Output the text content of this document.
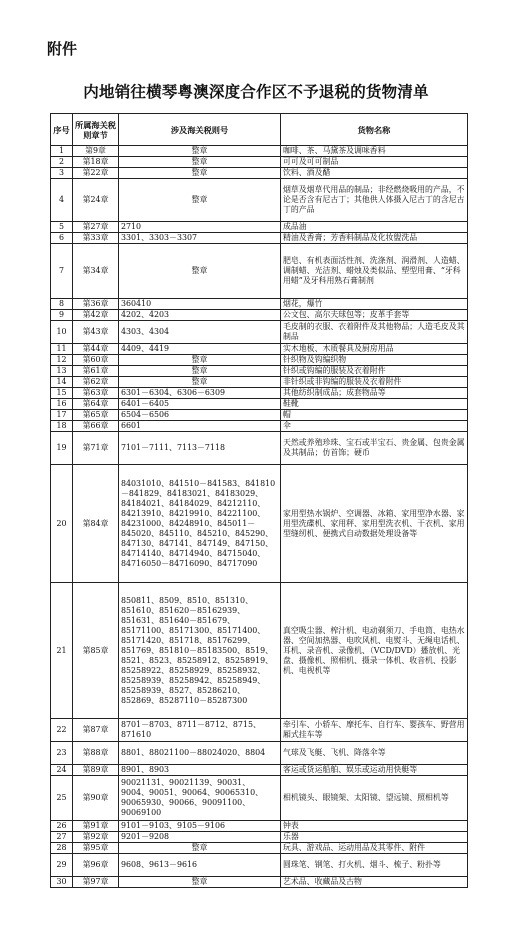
附件
内地销往横琴粤澳深度合作区不予退税的货物清单
序号	所属海关税则章节	涉及海关税则号	货物名称
1	第9章	整章	咖啡、茶、马黛茶及调味香料
2	第18章	整章	可可及可可制品
3	第22章	整章	饮料、酒及醋
4	第24章	整章	烟草及烟草代用品的制品；非经燃烧吸用的产品，不论是否含有尼古丁；其他供人体摄入尼古丁的含尼古丁的产品
5	第27章	2710	成品油
6	第33章	3301、3303－3307	精油及香膏；芳香料制品及化妆盥洗品
7	第34章	整章	肥皂、有机表面活性剂、洗涤剂、润滑剂、人造蜡、调制蜡、光洁剂、蜡烛及类似品、塑型用膏、“牙科用蜡”及牙科用熟石膏制剂
8	第36章	360410	烟花，爆竹
9	第42章	4202、4203	公文包、高尔夫球包等；皮革手套等
10	第43章	4303、4304	毛皮制的衣服、衣着附件及其他物品；人造毛皮及其制品
11	第44章	4409、4419	实木地板、木质餐具及厨房用品
12	第60章	整章	针织物及钩编织物
13	第61章	整章	针织或钩编的服装及衣着附件
14	第62章	整章	非针织或非钩编的服装及衣着附件
15	第63章	6301－6304、6306－6309	其他纺织制成品；成套物品等
16	第64章	6401－6405	鞋靴
17	第65章	6504－6506	帽
18	第66章	6601	伞
19	第71章	7101－7111、7113－7118	天然或养殖珍珠、宝石或半宝石、贵金属、包贵金属及其制品；仿首饰；硬币
20	第84章	84031010、841510－841583、841810－841829、84183021、84183029、84184021、84184029、84212110、84213910、84219910、84221100、84231000、84248910、845011－845020、845110、845210、845290、847130、847141、847149、847150、84714140、84714940、84715040、84716050－84716090、84717090	家用型热水锅炉、空调器、冰箱、家用型净水器、家用型洗碟机、家用秤、家用型洗衣机、干衣机、家用型缝纫机、便携式自动数据处理设备等
21	第85章	850811、8509、8510、851310、851610、851620－85162939、851631、851640－851679、85171100、85171300、85171400、85171420、851718、85176299、851769、851810－85183500、8519、8521、8523、85258912、85258919、85258922、85258929、85258932、85258939、85258942、85258949、85258939、8527、85286210、852869、85287110－85287300	真空吸尘器、榨汁机、电动剃须刀、手电筒、电热水器、空间加热器、电吹风机、电熨斗、无绳电话机、耳机、录音机、录像机、（VCD/DVD）播放机、光盘、摄像机、照相机、摄录一体机、收音机、投影机、电视机等
22	第87章	8701－8703、8711－8712、8715、871610	牵引车、小轿车、摩托车、自行车、婴孩车、野营用厢式挂车等
23	第88章	8801、88021100－88024020、8804	气球及飞艇、飞机、降落伞等
24	第89章	8901、8903	客运或货运船舶、娱乐或运动用快艇等
25	第90章	90021131、90021139、90031、9004、90051、90064、90065310、90065930、90066、90091100、90069100	相机镜头、眼镜架、太阳镜、望远镜、照相机等
26	第91章	9101－9103、9105－9106	钟表
27	第92章	9201－9208	乐器
28	第95章	整章	玩具、游戏品、运动用品及其零件、附件
29	第96章	9608、9613－9616	圆珠笔、钢笔、打火机、烟斗、梳子、粉扑等
30	第97章	整章	艺术品、收藏品及古物
